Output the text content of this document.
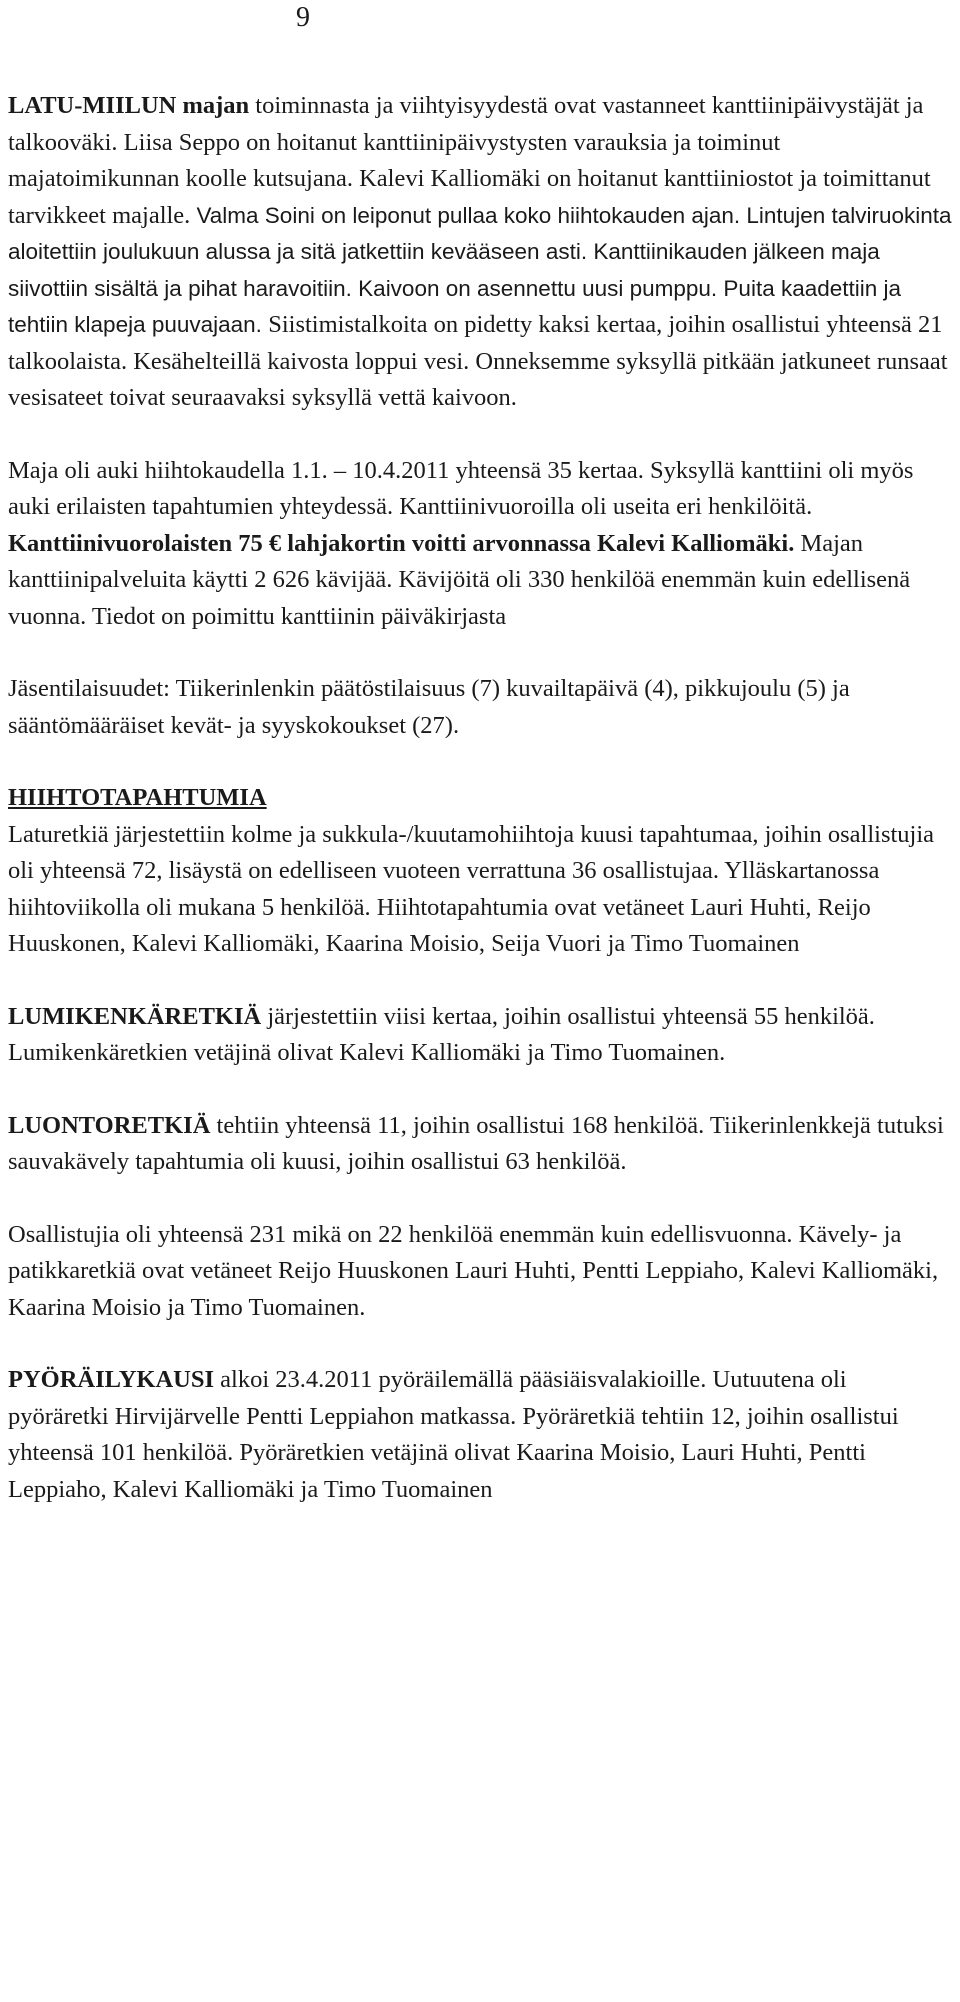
9

LATU-MIILUN majan toiminnasta ja viihtyisyydestä ovat vastanneet kanttiinipäivystäjät ja talkooväki. Liisa Seppo on hoitanut kanttiinipäivystysten varauksia ja toiminut majatoimikunnan koolle kutsujana. Kalevi Kalliomäki on hoitanut kanttiiniostot ja toimittanut tarvikkeet majalle. Valma Soini on leiponut pullaa koko hiihtokauden ajan. Lintujen talviruokinta aloitettiin joulukuun alussa ja sitä jatkettiin kevääseen asti. Kanttiinikauden jälkeen maja siivottiin sisältä ja pihat haravoitiin. Kaivoon on asennettu uusi pumppu. Puita kaadettiin ja tehtiin klapeja puuvajaan. Siistimistalkoita on pidetty kaksi kertaa, joihin osallistui yhteensä 21 talkoolaista. Kesähelteillä kaivosta loppui vesi. Onneksemme syksyllä pitkään jatkuneet runsaat vesisateet toivat seuraavaksi syksyllä vettä kaivoon.

Maja oli auki hiihtokaudella 1.1. – 10.4.2011 yhteensä 35 kertaa. Syksyllä kanttiini oli myös auki erilaisten tapahtumien yhteydessä. Kanttiinivuoroilla oli useita eri henkilöitä. Kanttiinivuorolaisten 75 € lahjakortin voitti arvonnassa Kalevi Kalliomäki. Majan kanttiinipalveluita käytti 2 626 kävijää. Kävijöitä oli 330 henkilöä enemmän kuin edellisenä vuonna. Tiedot on poimittu kanttiinin päiväkirjasta

Jäsentilaisuudet: Tiikerinlenkin päätöstilaisuus (7) kuvailtapäivä (4), pikkujoulu (5) ja sääntömääräiset kevät- ja syyskokoukset (27).

HIIHTOTAPAHTUMIA
Laturetkiä järjestettiin kolme ja sukkula-/kuutamohiihtoja kuusi tapahtumaa, joihin osallistujia oli yhteensä 72, lisäystä on edelliseen vuoteen verrattuna 36 osallistujaa. Ylläskartanossa hiihtoviikolla oli mukana 5 henkilöä. Hiihtotapahtumia ovat vetäneet Lauri Huhti, Reijo Huuskonen, Kalevi Kalliomäki, Kaarina Moisio, Seija Vuori ja Timo Tuomainen

LUMIKENKÄRETKIÄ järjestettiin viisi kertaa, joihin osallistui yhteensä 55 henkilöä. Lumikenkäretkien vetäjinä olivat Kalevi Kalliomäki ja Timo Tuomainen.

LUONTORETKIÄ tehtiin yhteensä 11, joihin osallistui 168 henkilöä. Tiikerinlenkkejä tutuksi sauvakävely tapahtumia oli kuusi, joihin osallistui 63 henkilöä.

Osallistujia oli yhteensä 231 mikä on 22 henkilöä enemmän kuin edellisvuonna. Kävely- ja patikkaretkiä ovat vetäneet Reijo Huuskonen Lauri Huhti, Pentti Leppiaho, Kalevi Kalliomäki, Kaarina Moisio ja Timo Tuomainen.

PYÖRÄILYKAUSI alkoi 23.4.2011 pyöräilemällä pääsiäisvalakioille. Uutuutena oli pyöräretki Hirvijärvelle Pentti Leppiahon matkassa. Pyöräretkiä tehtiin 12, joihin osallistui yhteensä 101 henkilöä. Pyöräretkien vetäjinä olivat Kaarina Moisio, Lauri Huhti, Pentti Leppiaho, Kalevi Kalliomäki ja Timo Tuomainen
